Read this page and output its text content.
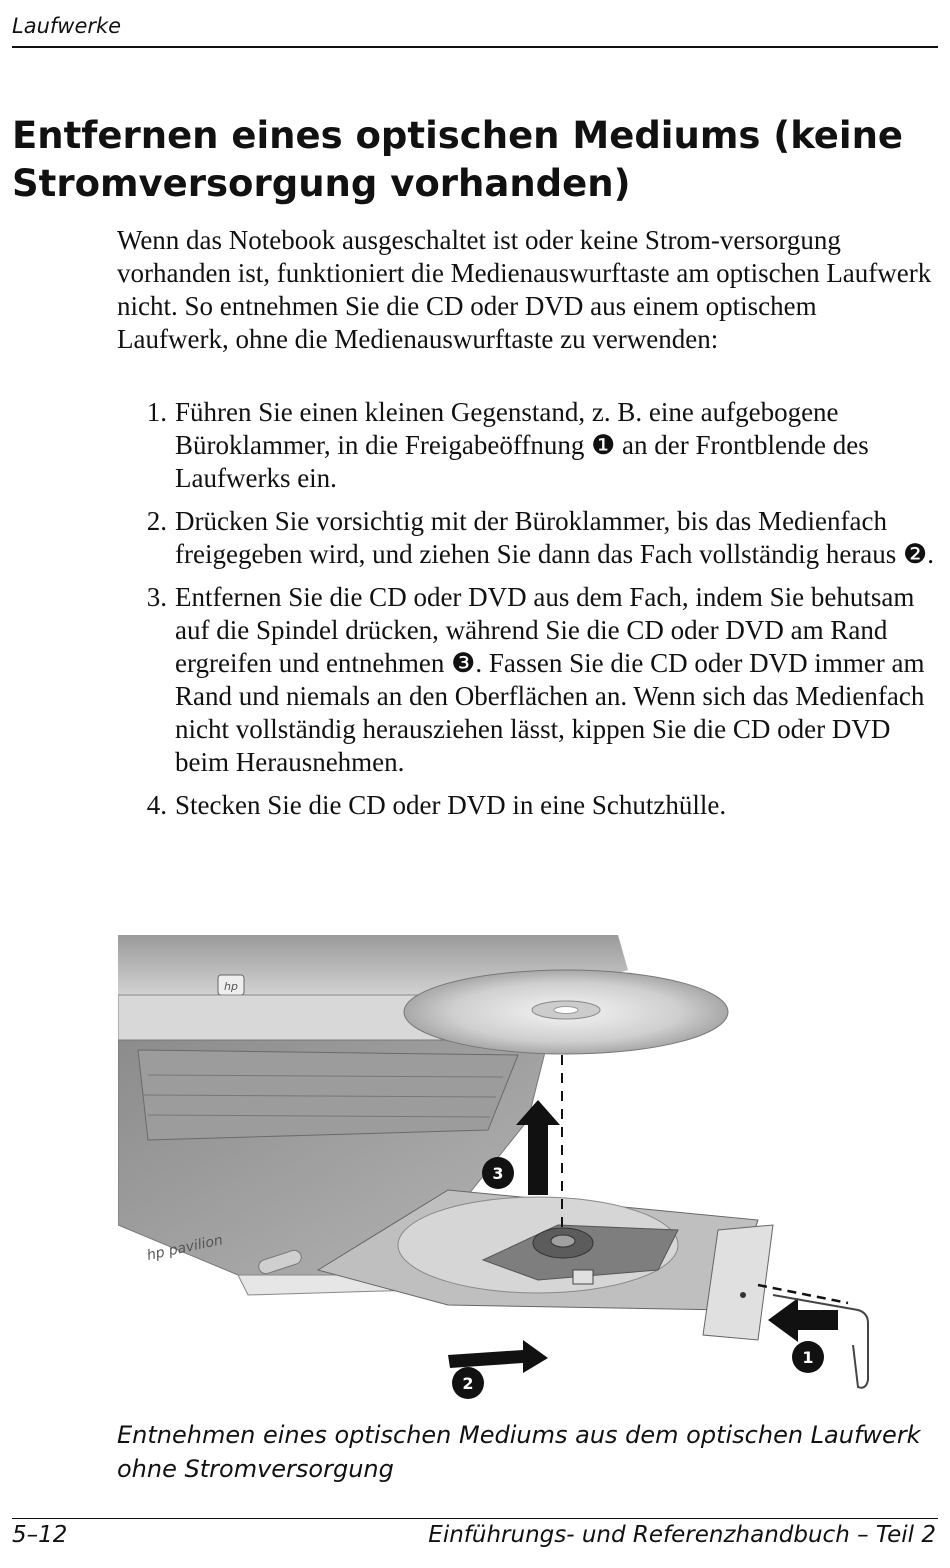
Laufwerke
Entfernen eines optischen Mediums (keine Stromversorgung vorhanden)

Wenn das Notebook ausgeschaltet ist oder keine Strom-versorgung vorhanden ist, funktioniert die Medienauswurftaste am optischen Laufwerk nicht. So entnehmen Sie die CD oder DVD aus einem optischem Laufwerk, ohne die Medienauswurftaste zu verwenden:

1. Führen Sie einen kleinen Gegenstand, z. B. eine aufgebogene Büroklammer, in die Freigabeöffnung ❶ an der Frontblende des Laufwerks ein.
2. Drücken Sie vorsichtig mit der Büroklammer, bis das Medienfach freigegeben wird, und ziehen Sie dann das Fach vollständig heraus ❷.
3. Entfernen Sie die CD oder DVD aus dem Fach, indem Sie behutsam auf die Spindel drücken, während Sie die CD oder DVD am Rand ergreifen und entnehmen ❸. Fassen Sie die CD oder DVD immer am Rand und niemals an den Oberflächen an. Wenn sich das Medienfach nicht vollständig herausziehen lässt, kippen Sie die CD oder DVD beim Herausnehmen.
4. Stecken Sie die CD oder DVD in eine Schutzhülle.
hp
hp pavilion
3
2
1

Entnehmen eines optischen Mediums aus dem optischen Laufwerk ohne Stromversorgung

5–12	Einführungs- und Referenzhandbuch – Teil 2
